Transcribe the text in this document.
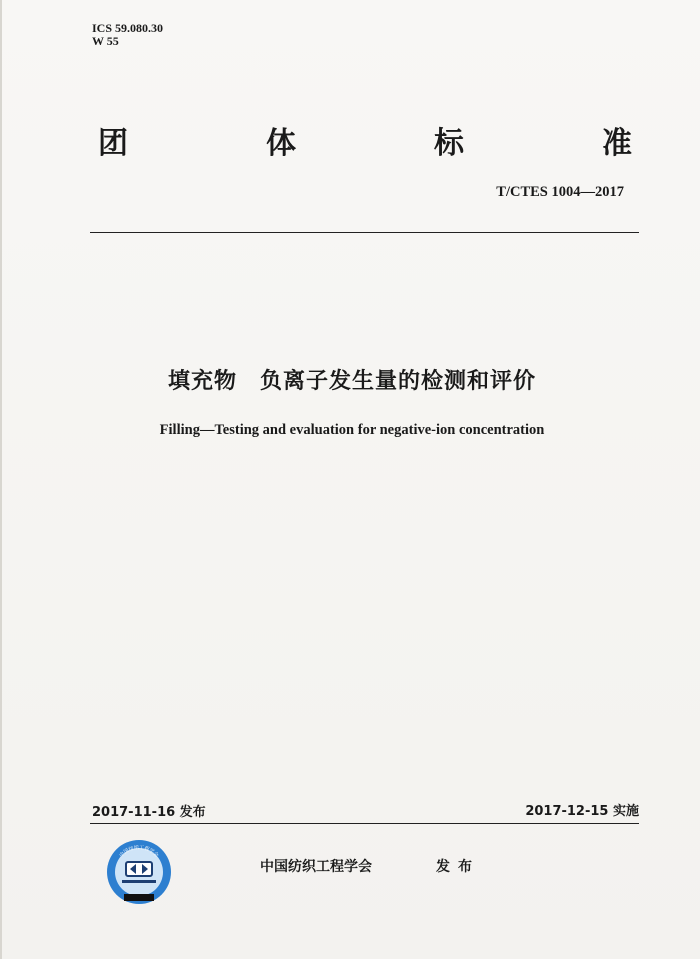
ICS 59.080.30
W 55
团	体	标	准
T/CTES 1004—2017
填充物　负离子发生量的检测和评价
Filling—Testing and evaluation for negative-ion concentration
2017-11-16 发布	2017-12-15 实施
中国纺织工程学会
中国纺织工程学会	发布
